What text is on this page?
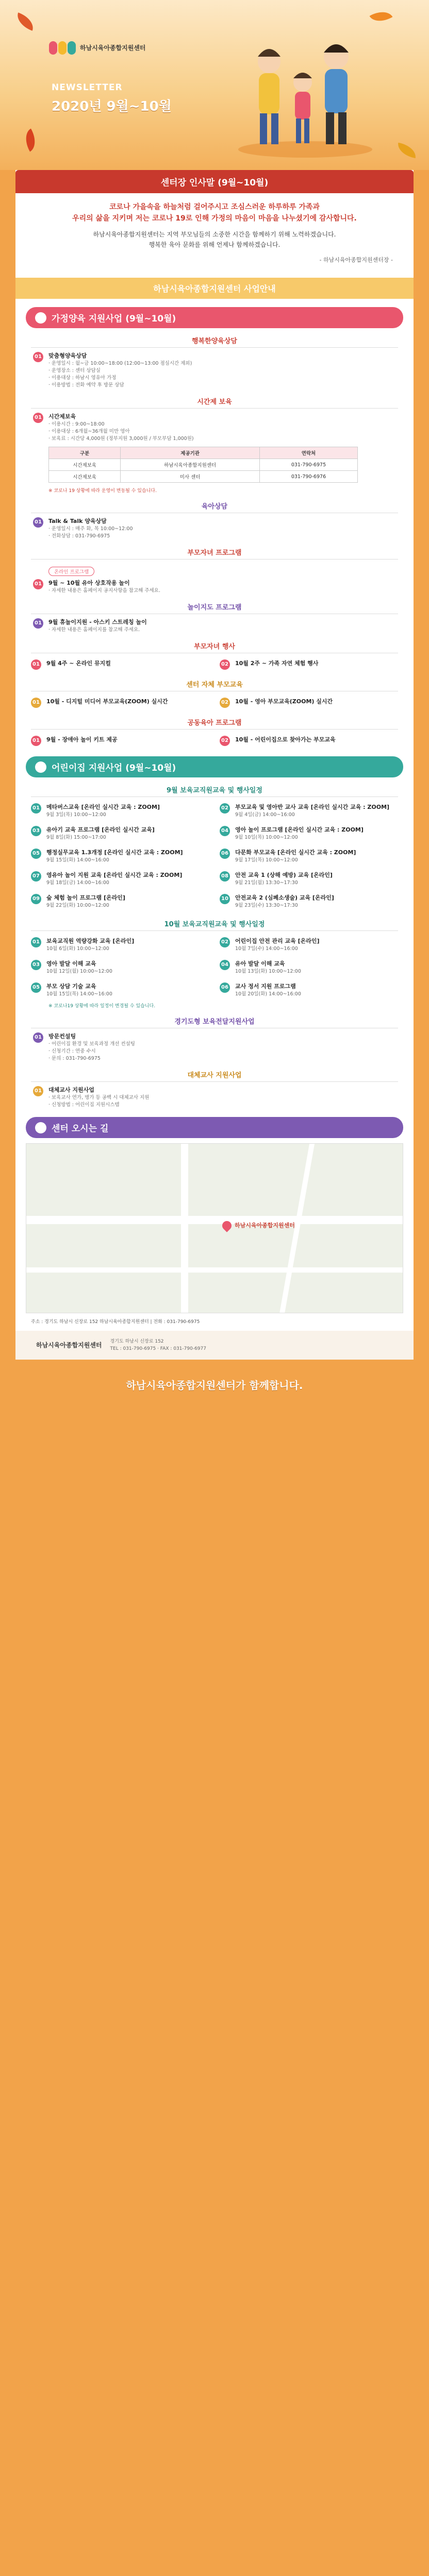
하남시육아종합지원센터
NEWSLETTER
2020년 9월~10월
센터장 인사말 (9월~10월)
코로나 가을속을 하늘처럼 걸어주시고 조심스러운 하루하루 가족과
우리의 삶을 지키며 저는 코로나 19로 인해 가정의 마음이 마음을 나누셨기에 감사합니다.

하남시육아종합지원센터는 지역 부모님들의 소중한 시간을 함께하기 위해 노력하겠습니다.

행복한 육아 문화를 위해 언제나 함께하겠습니다.

- 하남시육아종합지원센터장 -
하남시육아종합지원센터 사업안내
⌂ 가정양육 지원사업 (9월~10월)
행복한양육상담
01 맞춤형양육상담
· 운영일시 : 월~금 10:00~18:00 (12:00~13:00 점심시간 제외)
· 운영장소 : 센터 상담실
· 이용대상 : 하남시 영유아 가정
· 이용방법 : 전화 예약 후 방문 상담
시간제 보육
01 시간제보육
· 이용시간 : 9:00~18:00
· 이용대상 : 6개월~36개월 미만 영아
· 보육료 : 시간당 4,000원 (정부지원 3,000원 / 부모부담 1,000원)
구분	제공기관	연락처
시간제보육	하남시육아종합지원센터	031-790-6975
시간제보육	미사 센터	031-790-6976
※ 코로나 19 상황에 따라 운영이 변동될 수 있습니다.
육아상담
01 Talk & Talk 양육상담
· 운영일시 : 매주 화, 목 10:00~12:00
· 전화상담 : 031-790-6975
부모자녀 프로그램
온라인 프로그램
01 9월 ~ 10월 유아 상호작용 놀이
· 자세한 내용은 홈페이지 공지사항을 참고해 주세요.
놀이지도 프로그램
01 9월 휴놀이지원 - 아스키 스트레칭 놀이
· 자세한 내용은 홈페이지를 참고해 주세요.
부모자녀 행사
01 9월 4주 ~ 온라인 뮤지컬	02 10월 2주 ~ 가족 자연 체험 행사
센터 자체 부모교육
01 10월 - 디지털 미디어 부모교육(ZOOM) 실시간	02 10월 - 영아 부모교육(ZOOM) 실시간
공동육아 프로그램
01 9월 - 장애아 놀이 키트 제공	02 10월 - 어린이집으로 찾아가는 부모교육
▲ 어린이집 지원사업 (9월~10월)
9월 보육교직원교육 및 행사일정
01 메타버스교육 [온라인 실시간 교육 : ZOOM]
9월 3일(목) 10:00~12:00
02 부모교육 및 영아반 교사 교육 [온라인 실시간 교육 : ZOOM]
9월 4일(금) 14:00~16:00
03 유아기 교육 프로그램 [온라인 실시간 교육]
9월 8일(화) 15:00~17:00
04 영아 놀이 프로그램 [온라인 실시간 교육 : ZOOM]
9월 10일(목) 10:00~12:00
05 행정실무교육 1.3개정 [온라인 실시간 교육 : ZOOM]
9월 15일(화) 14:00~16:00
06 다문화 부모교육 [온라인 실시간 교육 : ZOOM]
9월 17일(목) 10:00~12:00
07 영유아 놀이 지원 교육 [온라인 실시간 교육 : ZOOM]
9월 18일(금) 14:00~16:00
08 안전 교육 1 (상해 예방) 교육 [온라인]
9월 21일(월) 13:30~17:30
09 숲 체험 놀이 프로그램 [온라인]
9월 22일(화) 10:00~12:00
10 안전교육 2 (심폐소생술) 교육 [온라인]
9월 23일(수) 13:30~17:30
10월 보육교직원교육 및 행사일정
01 보육교직원 역량강화 교육 [온라인]
10월 6일(화) 10:00~12:00
02 어린이집 안전 관리 교육 [온라인]
10월 7일(수) 14:00~16:00
03 영아 발달 이해 교육
10월 12일(월) 10:00~12:00
04 유아 발달 이해 교육
10월 13일(화) 10:00~12:00
05 부모 상담 기술 교육
10월 15일(목) 14:00~16:00
06 교사 정서 지원 프로그램
10월 20일(화) 14:00~16:00
※ 코로나19 상황에 따라 일정이 변경될 수 있습니다.
경기도형 보육전달지원사업
01 방문컨설팅
· 어린이집 환경 및 보육과정 개선 컨설팅
· 신청기간 : 연중 수시
· 문의 : 031-790-6975
대체교사 지원사업
01 대체교사 지원사업
· 보육교사 연가, 병가 등 공백 시 대체교사 지원
· 신청방법 : 어린이집 지원시스템
● 센터 오시는 길
하남시육아종합지원센터
주소 : 경기도 하남시 신장로 152 하남시육아종합지원센터 | 전화 : 031-790-6975
하남시육아종합지원센터 경기도 하남시 신장로 152
TEL : 031-790-6975 · FAX : 031-790-6977
하남시육아종합지원센터가 함께합니다.
